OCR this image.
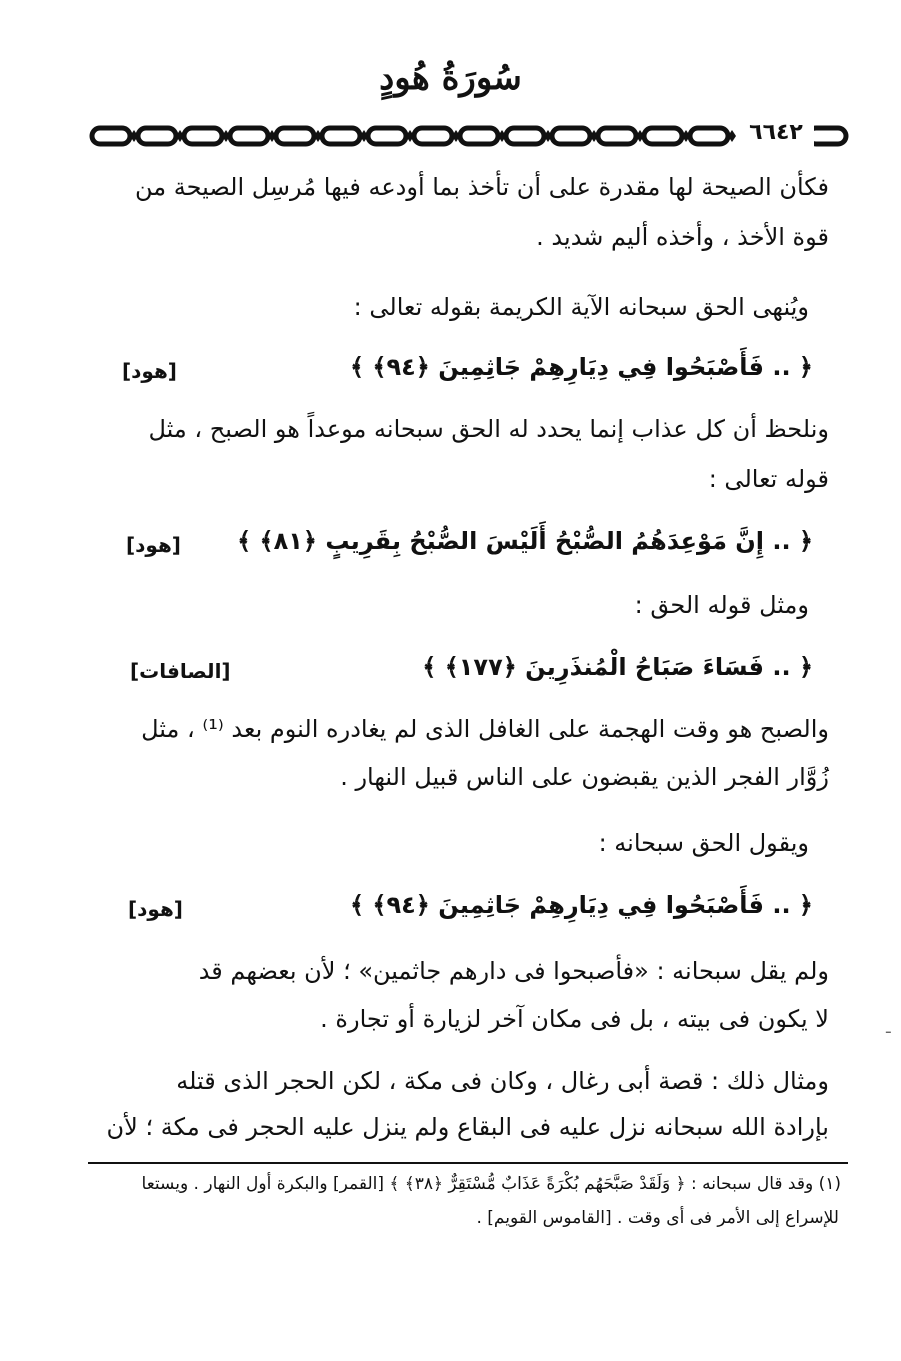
سُورَةُ هُودٍ
٦٦٤٢
فكأن الصيحة لها مقدرة على أن تأخذ بما أودعه فيها مُرسِل الصيحة من
قوة الأخذ ، وأخذه أليم شديد .
ويُنهى الحق سبحانه الآية الكريمة بقوله تعالى :
﴿ .. فَأَصْبَحُوا فِي دِيَارِهِمْ جَاثِمِينَ ﴿٩٤﴾ ﴾
[هود]
ونلحظ أن كل عذاب إنما يحدد له الحق سبحانه موعداً هو الصبح ، مثل
قوله تعالى :
﴿ .. إِنَّ مَوْعِدَهُمُ الصُّبْحُ أَلَيْسَ الصُّبْحُ بِقَرِيبٍ ﴿٨١﴾ ﴾
[هود]
ومثل قوله الحق :
﴿ .. فَسَاءَ صَبَاحُ الْمُنذَرِينَ ﴿١٧٧﴾ ﴾
[الصافات]
والصبح هو وقت الهجمة على الغافل الذى لم يغادره النوم بعد ⁽¹⁾ ، مثل
زُوَّار الفجر الذين يقبضون على الناس قبيل النهار .
ويقول الحق سبحانه :
﴿ .. فَأَصْبَحُوا فِي دِيَارِهِمْ جَاثِمِينَ ﴿٩٤﴾ ﴾
[هود]
ولم يقل سبحانه : «فأصبحوا فى دارهم جاثمين» ؛ لأن بعضهم قد
لا يكون فى بيته ، بل فى مكان آخر لزيارة أو تجارة .
ومثال ذلك : قصة أبى رغال ، وكان فى مكة ، لكن الحجر الذى قتله
بإرادة الله سبحانه نزل عليه فى البقاع ولم ينزل عليه الحجر فى مكة ؛ لأن
ـ
(١) وقد قال سبحانه : ﴿ وَلَقَدْ صَبَّحَهُم بُكْرَةً عَذَابٌ مُّسْتَقِرٌّ ﴿٣٨﴾ ﴾ [القمر] والبكرة أول النهار . ويستعا
للإسراع إلى الأمر فى أى وقت . [القاموس القويم] .
